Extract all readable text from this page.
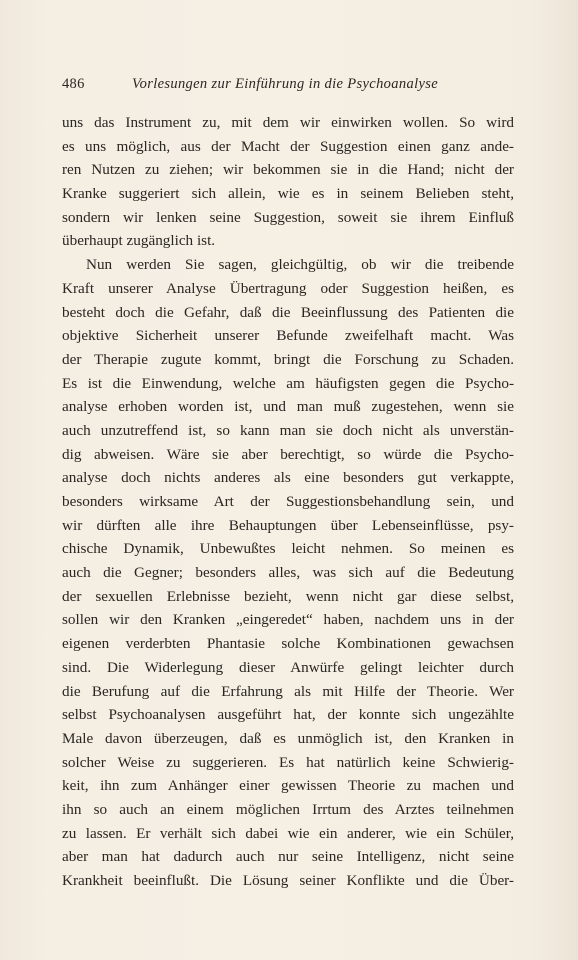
486	Vorlesungen zur Einführung in die Psychoanalyse
uns das Instrument zu, mit dem wir einwirken wollen. So wird
es uns möglich, aus der Macht der Suggestion einen ganz ande-
ren Nutzen zu ziehen; wir bekommen sie in die Hand; nicht der
Kranke suggeriert sich allein, wie es in seinem Belieben steht,
sondern wir lenken seine Suggestion, soweit sie ihrem Einfluß
überhaupt zugänglich ist.
Nun werden Sie sagen, gleichgültig, ob wir die treibende
Kraft unserer Analyse Übertragung oder Suggestion heißen, es
besteht doch die Gefahr, daß die Beeinflussung des Patienten die
objektive Sicherheit unserer Befunde zweifelhaft macht. Was
der Therapie zugute kommt, bringt die Forschung zu Schaden.
Es ist die Einwendung, welche am häufigsten gegen die Psycho-
analyse erhoben worden ist, und man muß zugestehen, wenn sie
auch unzutreffend ist, so kann man sie doch nicht als unverstän-
dig abweisen. Wäre sie aber berechtigt, so würde die Psycho-
analyse doch nichts anderes als eine besonders gut verkappte,
besonders wirksame Art der Suggestionsbehandlung sein, und
wir dürften alle ihre Behauptungen über Lebenseinflüsse, psy-
chische Dynamik, Unbewußtes leicht nehmen. So meinen es
auch die Gegner; besonders alles, was sich auf die Bedeutung
der sexuellen Erlebnisse bezieht, wenn nicht gar diese selbst,
sollen wir den Kranken „eingeredet“ haben, nachdem uns in der
eigenen verderbten Phantasie solche Kombinationen gewachsen
sind. Die Widerlegung dieser Anwürfe gelingt leichter durch
die Berufung auf die Erfahrung als mit Hilfe der Theorie. Wer
selbst Psychoanalysen ausgeführt hat, der konnte sich ungezählte
Male davon überzeugen, daß es unmöglich ist, den Kranken in
solcher Weise zu suggerieren. Es hat natürlich keine Schwierig-
keit, ihn zum Anhänger einer gewissen Theorie zu machen und
ihn so auch an einem möglichen Irrtum des Arztes teilnehmen
zu lassen. Er verhält sich dabei wie ein anderer, wie ein Schüler,
aber man hat dadurch auch nur seine Intelligenz, nicht seine
Krankheit beeinflußt. Die Lösung seiner Konflikte und die Über-
